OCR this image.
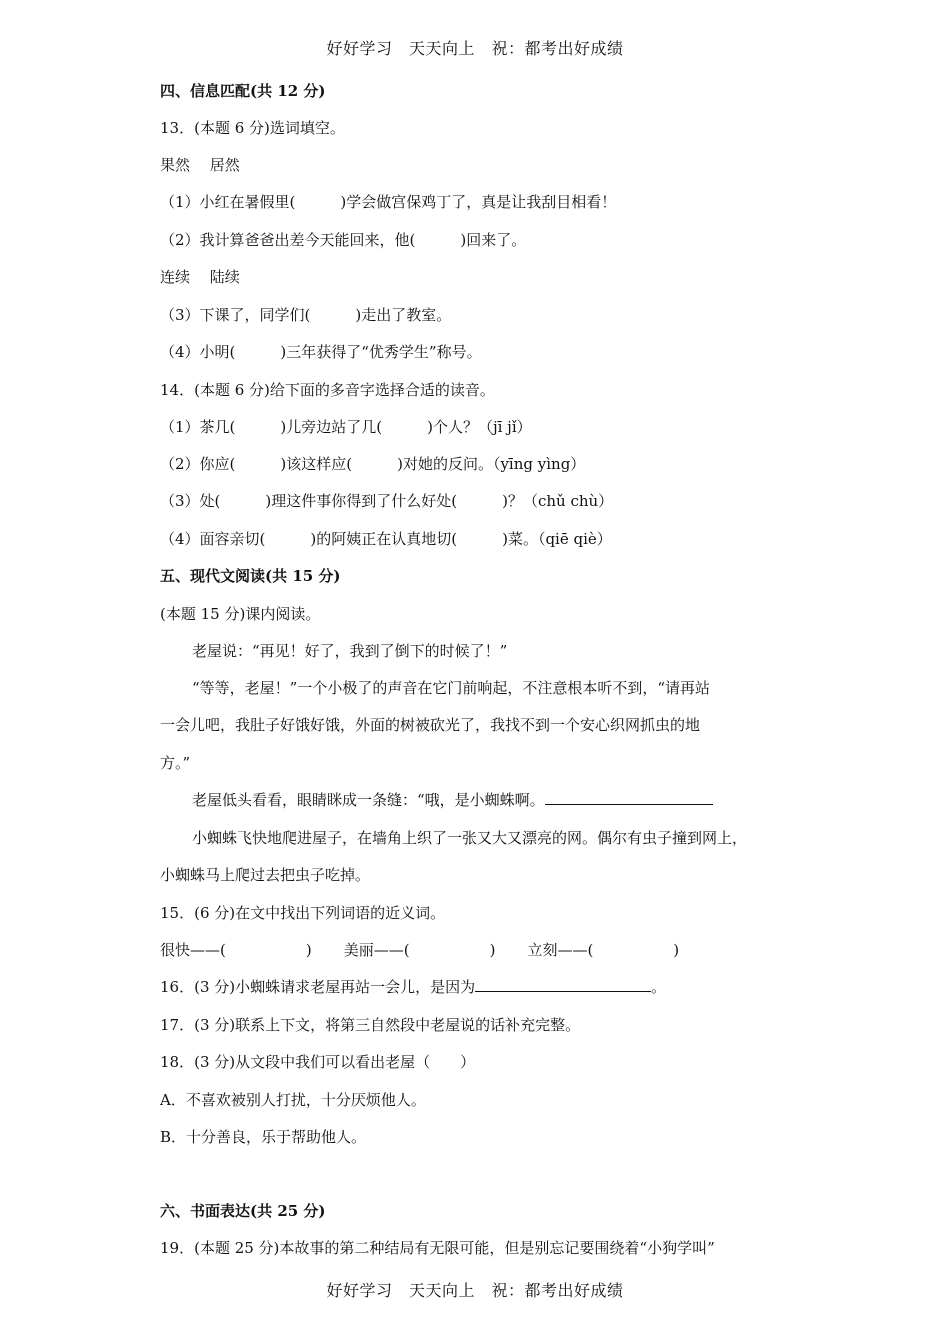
好好学习　天天向上　祝：都考出好成绩
四、信息匹配(共 12 分)
13．(本题 6 分)选词填空。
果然　 居然
（1）小红在暑假里(　　　)学会做宫保鸡丁了，真是让我刮目相看！
（2）我计算爸爸出差今天能回来，他(　　　)回来了。
连续　 陆续
（3）下课了，同学们(　　　)走出了教室。
（4）小明(　　　)三年获得了“优秀学生”称号。
14．(本题 6 分)给下面的多音字选择合适的读音。
（1）茶几(　　　)儿旁边站了几(　　　)个人？（jī jǐ）
（2）你应(　　　)该这样应(　　　)对她的反问。（yīng yìng）
（3）处(　　　)理这件事你得到了什么好处(　　　)？（chǔ chù）
（4）面容亲切(　　　)的阿姨正在认真地切(　　　)菜。（qiē qiè）
五、现代文阅读(共 15 分)
(本题 15 分)课内阅读。
老屋说：“再见！好了，我到了倒下的时候了！”
“等等，老屋！”一个小极了的声音在它门前响起，不注意根本听不到，“请再站
一会儿吧，我肚子好饿好饿，外面的树被砍光了，我找不到一个安心织网抓虫的地
方。”
老屋低头看看，眼睛眯成一条缝：“哦，是小蜘蛛啊。
小蜘蛛飞快地爬进屋子，在墙角上织了一张又大又漂亮的网。偶尔有虫子撞到网上，
小蜘蛛马上爬过去把虫子吃掉。
15．(6 分)在文中找出下列词语的近义词。
很快——(	) 美丽——(	) 立刻——(	)
16．(3 分)小蜘蛛请求老屋再站一会儿，是因为	。
17．(3 分)联系上下文，将第三自然段中老屋说的话补充完整。
18．(3 分)从文段中我们可以看出老屋（　　）
A．不喜欢被别人打扰，十分厌烦他人。
B．十分善良，乐于帮助他人。
六、书面表达(共 25 分)
19．(本题 25 分)本故事的第二种结局有无限可能，但是别忘记要围绕着“小狗学叫”
好好学习　天天向上　祝：都考出好成绩
